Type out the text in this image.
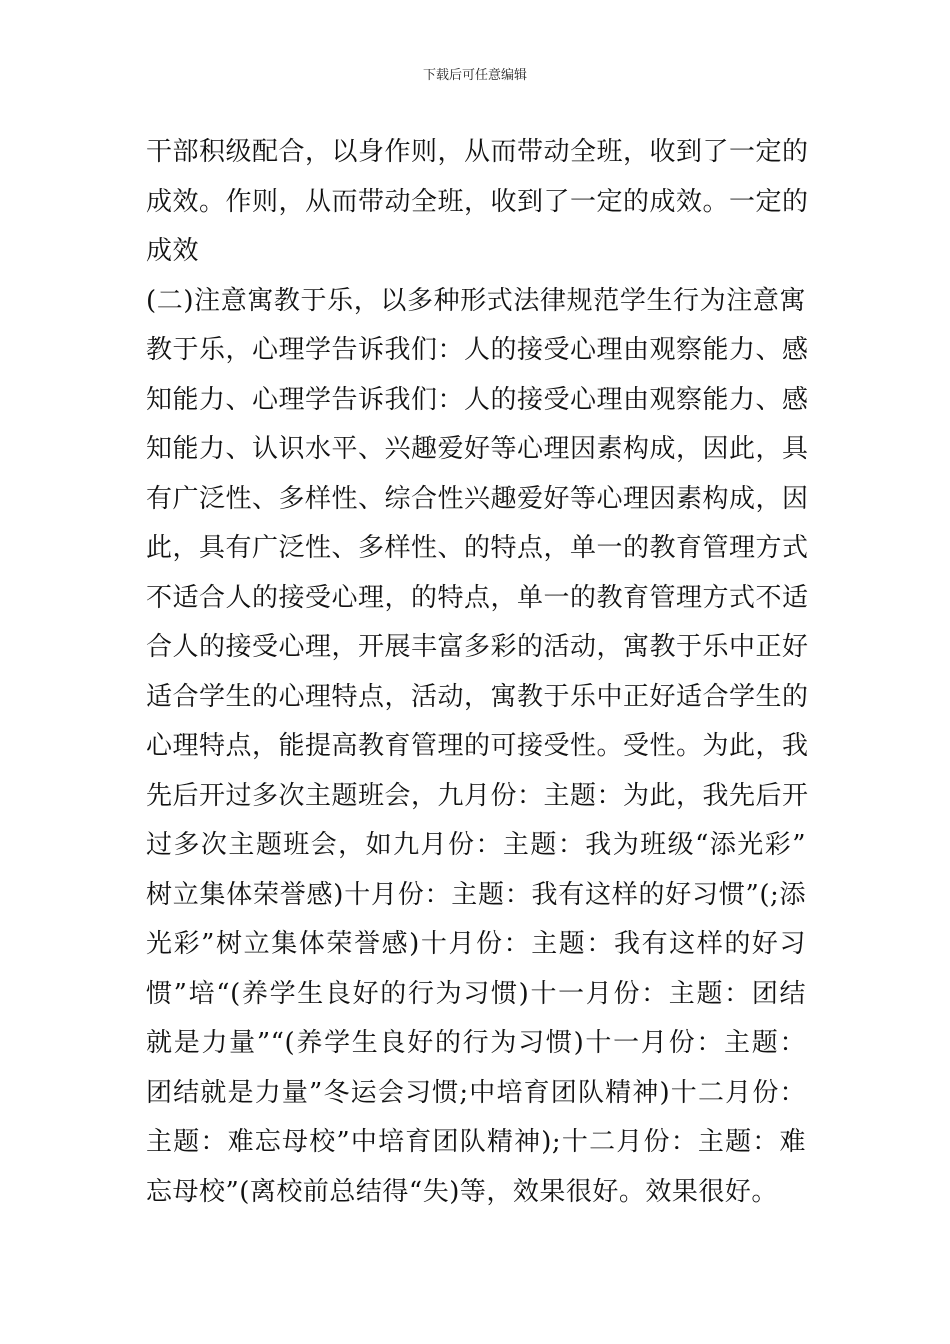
下载后可任意编辑
干部积级配合，以身作则，从而带动全班，收到了一定的
成效。作则，从而带动全班，收到了一定的成效。一定的
成效
(二)注意寓教于乐，以多种形式法律规范学生行为注意寓
教于乐，心理学告诉我们：人的接受心理由观察能力、感
知能力、心理学告诉我们：人的接受心理由观察能力、感
知能力、认识水平、兴趣爱好等心理因素构成，因此，具
有广泛性、多样性、综合性兴趣爱好等心理因素构成，因
此，具有广泛性、多样性、的特点，单一的教育管理方式
不适合人的接受心理，的特点，单一的教育管理方式不适
合人的接受心理，开展丰富多彩的活动，寓教于乐中正好
适合学生的心理特点，活动，寓教于乐中正好适合学生的
心理特点，能提高教育管理的可接受性。受性。为此，我
先后开过多次主题班会，九月份：主题：为此，我先后开
过多次主题班会，如九月份：主题：我为班级“添光彩”
树立集体荣誉感)十月份：主题：我有这样的好习惯”(;添
光彩”树立集体荣誉感)十月份：主题：我有这样的好习
惯”培“(养学生良好的行为习惯)十一月份：主题：团结
就是力量”“(养学生良好的行为习惯)十一月份：主题：
团结就是力量”冬运会习惯;中培育团队精神)十二月份：
主题：难忘母校”中培育团队精神);十二月份：主题：难
忘母校”(离校前总结得“失)等，效果很好。效果很好。
